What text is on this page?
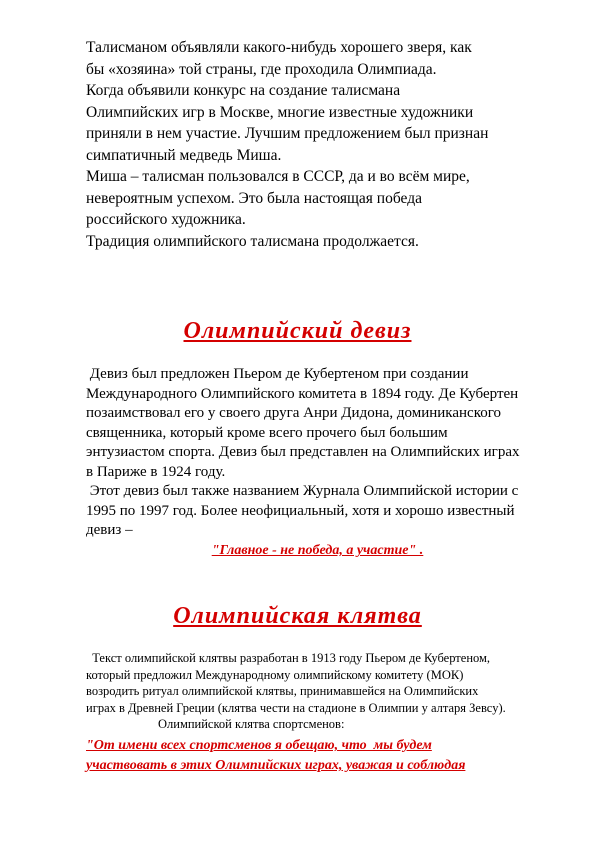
Талисманом объявляли какого-нибудь хорошего зверя, как
бы «хозяина» той страны, где проходила Олимпиада.
Когда объявили конкурс на создание талисмана
Олимпийских игр в Москве, многие известные художники
приняли в нем участие. Лучшим предложением был признан
симпатичный медведь Миша.
Миша – талисман пользовался в СССР, да и во всём мире,
невероятным успехом. Это была настоящая победа
российского художника.
Традиция олимпийского талисмана продолжается.
Олимпийский девиз
Девиз был предложен Пьером де Кубертеном при создании
Международного Олимпийского комитета в 1894 году. Де Кубертен
позаимствовал его у своего друга Анри Дидона, доминиканского
священника, который кроме всего прочего был большим
энтузиастом спорта. Девиз был представлен на Олимпийских играх
в Париже в 1924 году.
Этот девиз был также названием Журнала Олимпийской истории с
1995 по 1997 год. Более неофициальный, хотя и хорошо известный
девиз –
"Главное - не победа, а участие" .
Олимпийская клятва
Текст олимпийской клятвы разработан в 1913 году Пьером де Кубертеном,
который предложил Международному олимпийскому комитету (МОК)
возродить ритуал олимпийской клятвы, принимавшейся на Олимпийских
играх в Древней Греции (клятва чести на стадионе в Олимпии у алтаря Зевсу).
Олимпийской клятва спортсменов:
"От имени всех спортсменов я обещаю, что  мы будем
участвовать в этих Олимпийских играх, уважая и соблюдая
